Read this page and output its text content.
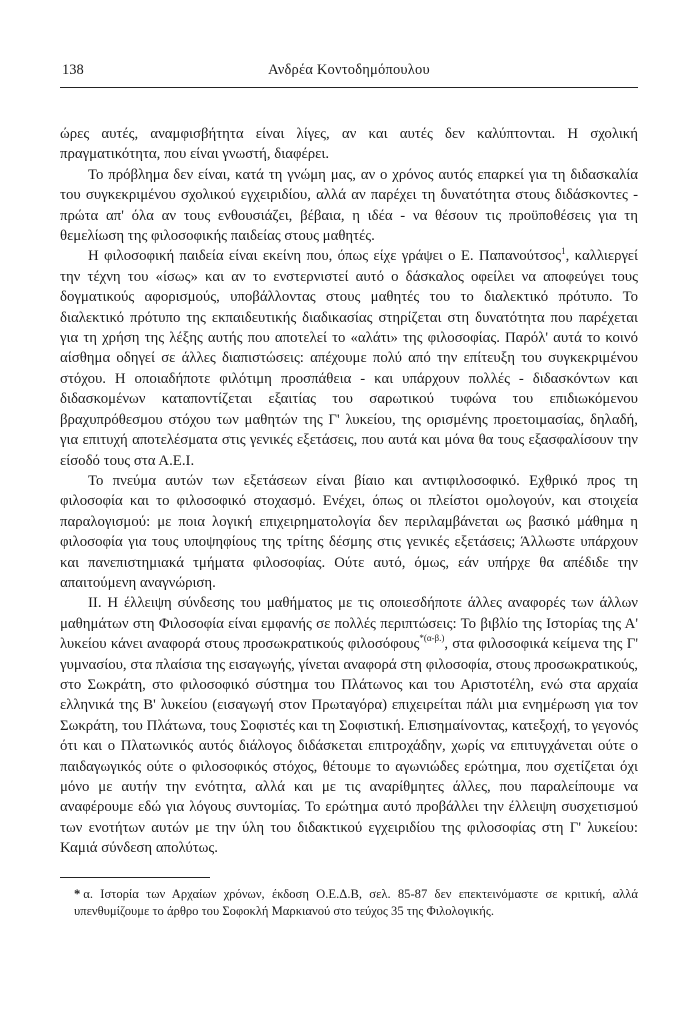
138	Ανδρέα Κοντοδημόπουλου

ώρες αυτές, αναμφισβήτητα είναι λίγες, αν και αυτές δεν καλύπτονται. Η σχολική πραγματικότητα, που είναι γνωστή, διαφέρει.

Το πρόβλημα δεν είναι, κατά τη γνώμη μας, αν ο χρόνος αυτός επαρκεί για τη διδασκαλία του συγκεκριμένου σχολικού εγχειριδίου, αλλά αν παρέχει τη δυνατότητα στους διδάσκοντες - πρώτα απ' όλα αν τους ενθουσιάζει, βέβαια, η ιδέα - να θέσουν τις προϋποθέσεις για τη θεμελίωση της φιλοσοφικής παιδείας στους μαθητές.

Η φιλοσοφική παιδεία είναι εκείνη που, όπως είχε γράψει ο Ε. Παπανούτσος$^1$, καλλιεργεί την τέχνη του «ίσως» και αν το ενστερνιστεί αυτό ο δάσκαλος οφείλει να αποφεύγει τους δογματικούς αφορισμούς, υποβάλλοντας στους μαθητές του το διαλεκτικό πρότυπο. Το διαλεκτικό πρότυπο της εκπαιδευτικής διαδικασίας στηρίζεται στη δυνατότητα που παρέχεται για τη χρήση της λέξης αυτής που αποτελεί το «αλάτι» της φιλοσοφίας. Παρόλ' αυτά το κοινό αίσθημα οδηγεί σε άλλες διαπιστώσεις: απέχουμε πολύ από την επίτευξη του συγκεκριμένου στόχου. Η οποιαδήποτε φιλότιμη προσπάθεια - και υπάρχουν πολλές - διδασκόντων και διδασκομένων καταποντίζεται εξαιτίας του σαρωτικού τυφώνα του επιδιωκόμενου βραχυπρόθεσμου στόχου των μαθητών της Γ' λυκείου, της ορισμένης προετοιμασίας, δηλαδή, για επιτυχή αποτελέσματα στις γενικές εξετάσεις, που αυτά και μόνα θα τους εξασφαλίσουν την είσοδό τους στα Α.Ε.Ι.

Το πνεύμα αυτών των εξετάσεων είναι βίαιο και αντιφιλοσοφικό. Εχθρικό προς τη φιλοσοφία και το φιλοσοφικό στοχασμό. Ενέχει, όπως οι πλείστοι ομολογούν, και στοιχεία παραλογισμού: με ποια λογική επιχειρηματολογία δεν περιλαμβάνεται ως βασικό μάθημα η φιλοσοφία για τους υποψηφίους της τρίτης δέσμης στις γενικές εξετάσεις; Άλλωστε υπάρχουν και πανεπιστημιακά τμήματα φιλοσοφίας. Ούτε αυτό, όμως, εάν υπήρχε θα απέδιδε την απαιτούμενη αναγνώριση.

ΙΙ. Η έλλειψη σύνδεσης του μαθήματος με τις οποιεσδήποτε άλλες αναφορές των άλλων μαθημάτων στη Φιλοσοφία είναι εμφανής σε πολλές περιπτώσεις: Το βιβλίο της Ιστορίας της Α' λυκείου κάνει αναφορά στους προσωκρατικούς φιλοσόφους$^{*(\alpha-\beta.)}$, στα φιλοσοφικά κείμενα της Γ' γυμνασίου, στα πλαίσια της εισαγωγής, γίνεται αναφορά στη φιλοσοφία, στους προσωκρατικούς, στο Σωκράτη, στο φιλοσοφικό σύστημα του Πλάτωνος και του Αριστοτέλη, ενώ στα αρχαία ελληνικά της Β' λυκείου (εισαγωγή στον Πρωταγόρα) επιχειρείται πάλι μια ενημέρωση για τον Σωκράτη, του Πλάτωνα, τους Σοφιστές και τη Σοφιστική. Επισημαίνοντας, κατεξοχή, το γεγονός ότι και ο Πλατωνικός αυτός διάλογος διδάσκεται επιτροχάδην, χωρίς να επιτυγχάνεται ούτε ο παιδαγωγικός ούτε ο φιλοσοφικός στόχος, θέτουμε το αγωνιώδες ερώτημα, που σχετίζεται όχι μόνο με αυτήν την ενότητα, αλλά και με τις αναρίθμητες άλλες, που παραλείπουμε να αναφέρουμε εδώ για λόγους συντομίας. Το ερώτημα αυτό προβάλλει την έλλειψη συσχετισμού των ενοτήτων αυτών με την ύλη του διδακτικού εγχειριδίου της φιλοσοφίας στη Γ' λυκείου: Καμιά σύνδεση απολύτως.

* α. Ιστορία των Αρχαίων χρόνων, έκδοση Ο.Ε.Δ.Β, σελ. 85-87 δεν επεκτεινόμαστε σε κριτική, αλλά υπενθυμίζουμε το άρθρο του Σοφοκλή Μαρκιανού στο τεύχος 35 της Φιλολογικής.
